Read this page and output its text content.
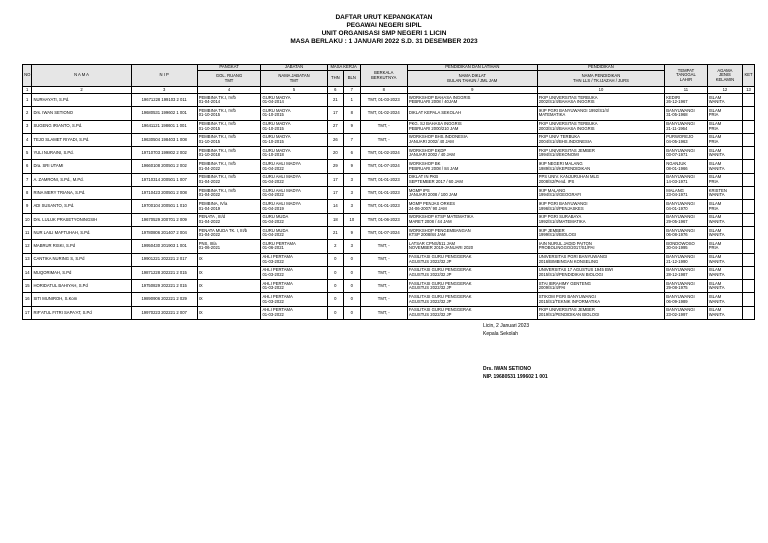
DAFTAR URUT KEPANGKATAN
PEGAWAI NEGERI SIPIL
UNIT ORGANISASI SMP NEGERI 1 LICIN
MASA BERLAKU : 1 JANUARI 2022 S.D. 31 DESEMBER 2023
NO	N A M A	N I P	PANGKAT	JABATAN	MASA KERJA		BERKALA
BERKUTNYA	PENDIDIKAN DAN LATIHAN	PENDIDIKAN	TEMPAT
TANGGAL
LAHIR	AGAMA
JENIS
KELAMIN	KET

			GOL. RUANG
TMT	NAMA JABATAN
TMT	THN	BLN		NAMA DIKLAT
BULAN TAHUN / JML JAM	NAMA PENDIDIKAN
THN LLS / TK.IJAZAH / JURS			

1	2	3	4	5	6	7	8	9	10	11	12	13
1	NURHAYATI, S.Pd.	19671228 199103 2 011	PEMBINA TK.I, IV/b
01-04-2014	GURU MADYA
01-04-2014	21	1	TMT, 01-03-2023	WORKSHOP BAHASA INGGRIS
PEBRUARI 2008 / 40JAM	FKIP UNIVERSITAS TERBUKA
2002/S1/4/BAHASA INGGRIS	KEDIRI
26-12-1967	ISLAM
WANITA	

2	Drs. IWAN SETIONO	19680531 199602 1 001	PEMBINA TK.I, IV/b
01-10-2015	GURU MADYA
01-10-2015	17	8	TMT, 01-02-2024	DIKLAT KEPALA SEKOLAH	IKIP PGRI BANYUWANGI 1992/S1/4/
MATEMATIKA	BANYUWANGI
31-05-1968	ISLAM
PRIA	

3	SUGENG IRIANTO, S.Pd.	19641121 198601 1 001	PEMBINA TK.I, IV/b
01-10-2015	GURU MADYA
01-10-2015	27	9	TMT, -	PKG. SJ BAHASA INGGRIS
PEBRUARI 2000/210 JAM	FKIP UNIVERSITAS TERBUKA
2003/S1/4/BAHASA INGGRIS	BANYUWANGI
21-11-1964	ISLAM
PRIA	

4	TEJO SLAMET RIYADI, S.Pd.	19630504 198403 1 008	PEMBINA TK.I, IV/b
01-10-2015	GURU MADYA
01-10-2015	26	7	TMT, -	WORKSHOP BHS.INDONESIA
JANUARI 2002/ 40 JAM	FKIP UNIV TERBUKA
2004/S1/4/BHS.INDONESIA	PURWOREJO
04-05-1963	ISLAM
PRIA	

5	YULI NURAINI, S.Pd.	19710703 199802 2 002	PEMBINA TK.I, IV/b
01-10-2018	GURU MADYA
01-10-2018	20	6	TMT, 01-02-2024	WORKSHOP EKDP
JANUARI 2002 / 40 JAM	FKIP UNIVERSITAS JEMBER
1994/S1/4/EKONOMI	BANYUWANGI
03-07-1971	ISLAM
WANITA	

6	Dra. SRI UTAMI	19660108 200501 2 002	PEMBINA TK.I, IV/b
01-04-2022	GURU AHLI MADYA
01-04-2022	29	9	TMT, 01-07-2024	WORKSHOP BK
PEBRUARI 2008 / 84 JAM	IKIP NEGERI MALANG
1989/S1/4/KEPENDIDIKAN	NGANJUK
08-01-1966	ISLAM
WANITA	

7	A. ZAMRONI, S.Pd., M.Pd.	19710314 200501 1 007	PEMBINA TK.I, IV/b
01-04-2022	GURU AHLI MADYA
01-04-2022	17	3	TMT, 01-01-2023	DIKLAT IN PKB
SEPTEMBER 2017 / 60 JAM	PPS UNIV. KANJURUHAN MLG
2008/S2/Pend. IPS	BANYUWANGI
14-03-1971	ISLAM
PRIA	

8	RINA MERY TRIANA, S.Pd.	19710423 200501 2 008	PEMBINA TK.I, IV/b
01-04-2022	GURU AHLI MADYA
01-04-2022	17	3	TMT, 01-01-2023	MGMP IPS
JANUARI 2008 / 100 JAM	IKIP MALANG
1994/S1/4/GEOGRAFI	MALANG
23-04-1971	KRISTEN
WANITA	

9	ADI SUSANTO, S.Pd.	19700104 200501 1 010	PEMBINA, IV/a
01-04-2019	GURU AHLI MADYA
01-04-2019	14	3	TMT, 01-01-2023	MGMP PENJAS ORKES
24-06-2007/ 90 JAM	IKIP PGRI BANYUWANGI
1996/S1/4/PENJASKES	BANYUWANGI
04-01-1970	ISLAM
PRIA	

10	Drs. LULUK PRASETYONINGSIH	19670529 200701 2 009	PENATA , III/d
01-04-2022	GURU MUDA
01-04-2022	18	10	TMT, 01-06-2023	WORKSHOP KTSP MATEMATIKA
MARET 2008 / 44 JAM	IKIP PGRI SURABAYA
1992/S1/4/MATEMATIKA	BANYUWANGI
29-05-1967	ISLAM
WANITA	

11	NUR LAILI MAFTUHAH, S.Pd.	19780806 201407 2 004	PENATA MUDA TK. I, III/b
01-04-2022	GURU MUDA
01-04-2022	21	9	TMT, 01-07-2024	WORKSHOP PENGEMBANGAN
KTSP 2008/84 JAM	IKIP JEMBER
1999/S1/4/BIOLOGI	BANYUWANGI
06-08-1976	ISLAM
WANITA	

12	MABRUR RISKI, S.Pd	19950430 201903 1 001	PNS, III/a
01-06-2021	GURU PERTAMA
01-06-2021	2	3	TMT, -	LATSAR CPNS/511 JAM
NOVEMBER 2019-JANUARI 2020	IAIN NURUL JADID PAITON
PROBOLINGGO/2017/S1/PAI	BONDOWOSO
30-04-1995	ISLAM
PRIA	

13	CANTIKA NURING S, S.Pd	19901221 202221 2 017	IX	AHLI PERTAMA
01-03-2022	0	0	TMT, -	FASILITASI GURU PENGGERAK
AGUSTUS 2022/32 JP	UNIVERSITAS PGRI BANYUWANGI
2016/BIMBINGAN KONSELING	BANYUWANGI
21-12-1990	ISLAM
WANITA	

14	MUQORIMAH, S.Pd	19871228 202221 2 015	IX	AHLI PERTAMA
01-03-2022	0	0	TMT, -	FASILITASI GURU PENGGERAK
AGUSTUS 2022/32 JP	UNIVERSITAS 17 AGUSTUS 1945 BWI
2015/S1/4/PENDIDIKAN BIOLOGI	BANYUWANGI
28-12-1987	ISLAM
WANITA	

15	HORIDATUL BAHIYAH, S.Pd	19750829 202221 2 015	IX	AHLI PERTAMA
01-03-2022	0	0	TMT, -	FASILITASI GURU PENGGERAK
AGUSTUS 2022/32 JP	STAI IBRAHIMY GENTENG
2009/S1/4/PAI	BANYUWANGI
29-08-1975	ISLAM
WANITA	

16	SITI MUNIROH, S.Kom	19890906 202221 2 029	IX	AHLI PERTAMA
01-03-2022	0	0	TMT, -	FASILITASI GURU PENGGERAK
AGUSTUS 2022/32 JP	STIKOM PGRI BANYUWANGI
2015/S1/TEKNIK INFORMATIKA	BANYUWANGI
06-09-1989	ISLAM
WANITA	

17	RIF'ATUL FITRI SAPA'AT, S.Pd	19970223 202221 2 007	IX	AHLI PERTAMA
01-03-2022	0	0	TMT, -	FASILITASI GURU PENGGERAK
AGUSTUS 2022/32 JP	FKIP UNIVERSITAS JEMBER
2019/S1/PENDIDIKAN BIOLOGI	BANYUWANGI
23-02-1997	ISLAM
WANITA	

Licin, 2 Januari 2023
Kepala Sekolah
Drs. IWAN SETIONO
NIP. 19680531 199602 1 001
